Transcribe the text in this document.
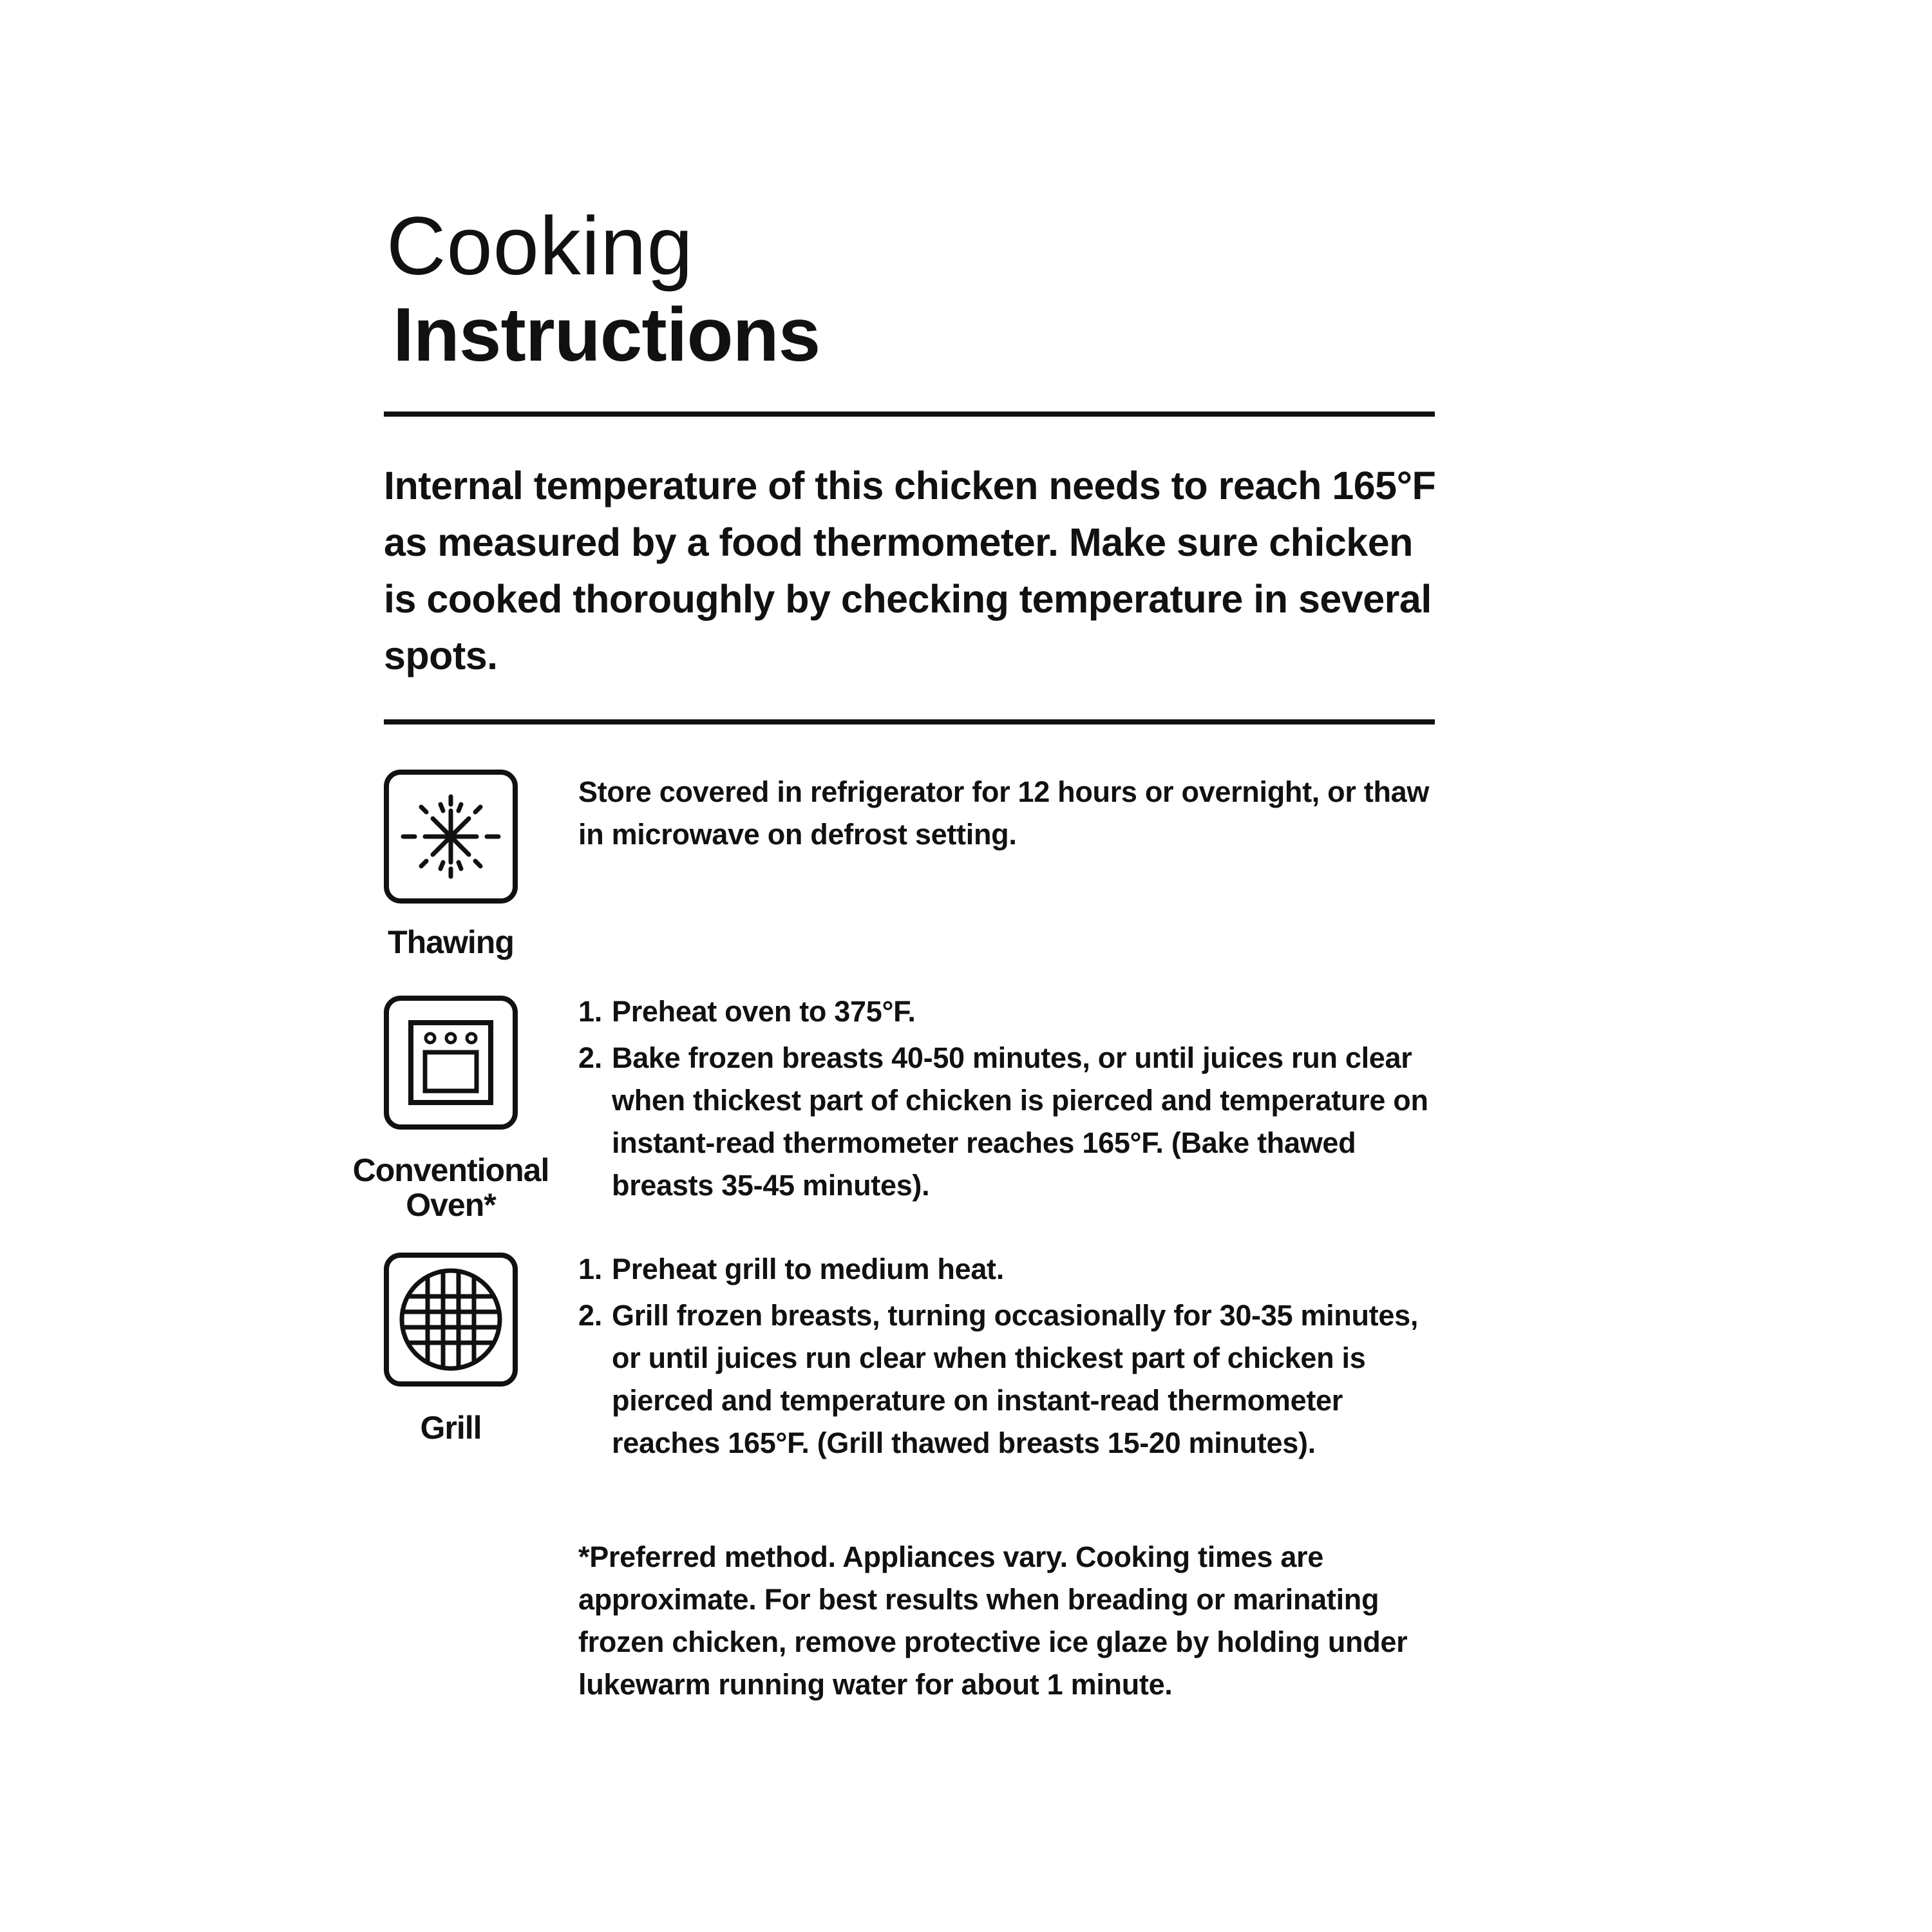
Cooking
Instructions
Internal temperature of this chicken needs to reach 165°F as measured by a food thermometer. Make sure chicken is cooked thoroughly by checking temperature in several spots.
Thawing
Store covered in refrigerator for 12 hours or overnight, or thaw in microwave on defrost setting.
Conventional Oven*
1. Preheat oven to 375°F.
2. Bake frozen breasts 40-50 minutes, or until juices run clear when thickest part of chicken is pierced and temperature on instant-read thermometer reaches 165°F. (Bake thawed breasts 35-45 minutes).
Grill
1. Preheat grill to medium heat.
2. Grill frozen breasts, turning occasionally for 30-35 minutes, or until juices run clear when thickest part of chicken is pierced and temperature on instant-read thermometer reaches 165°F. (Grill thawed breasts 15-20 minutes).
*Preferred method. Appliances vary. Cooking times are approximate. For best results when breading or marinating frozen chicken, remove protective ice glaze by holding under lukewarm running water for about 1 minute.
